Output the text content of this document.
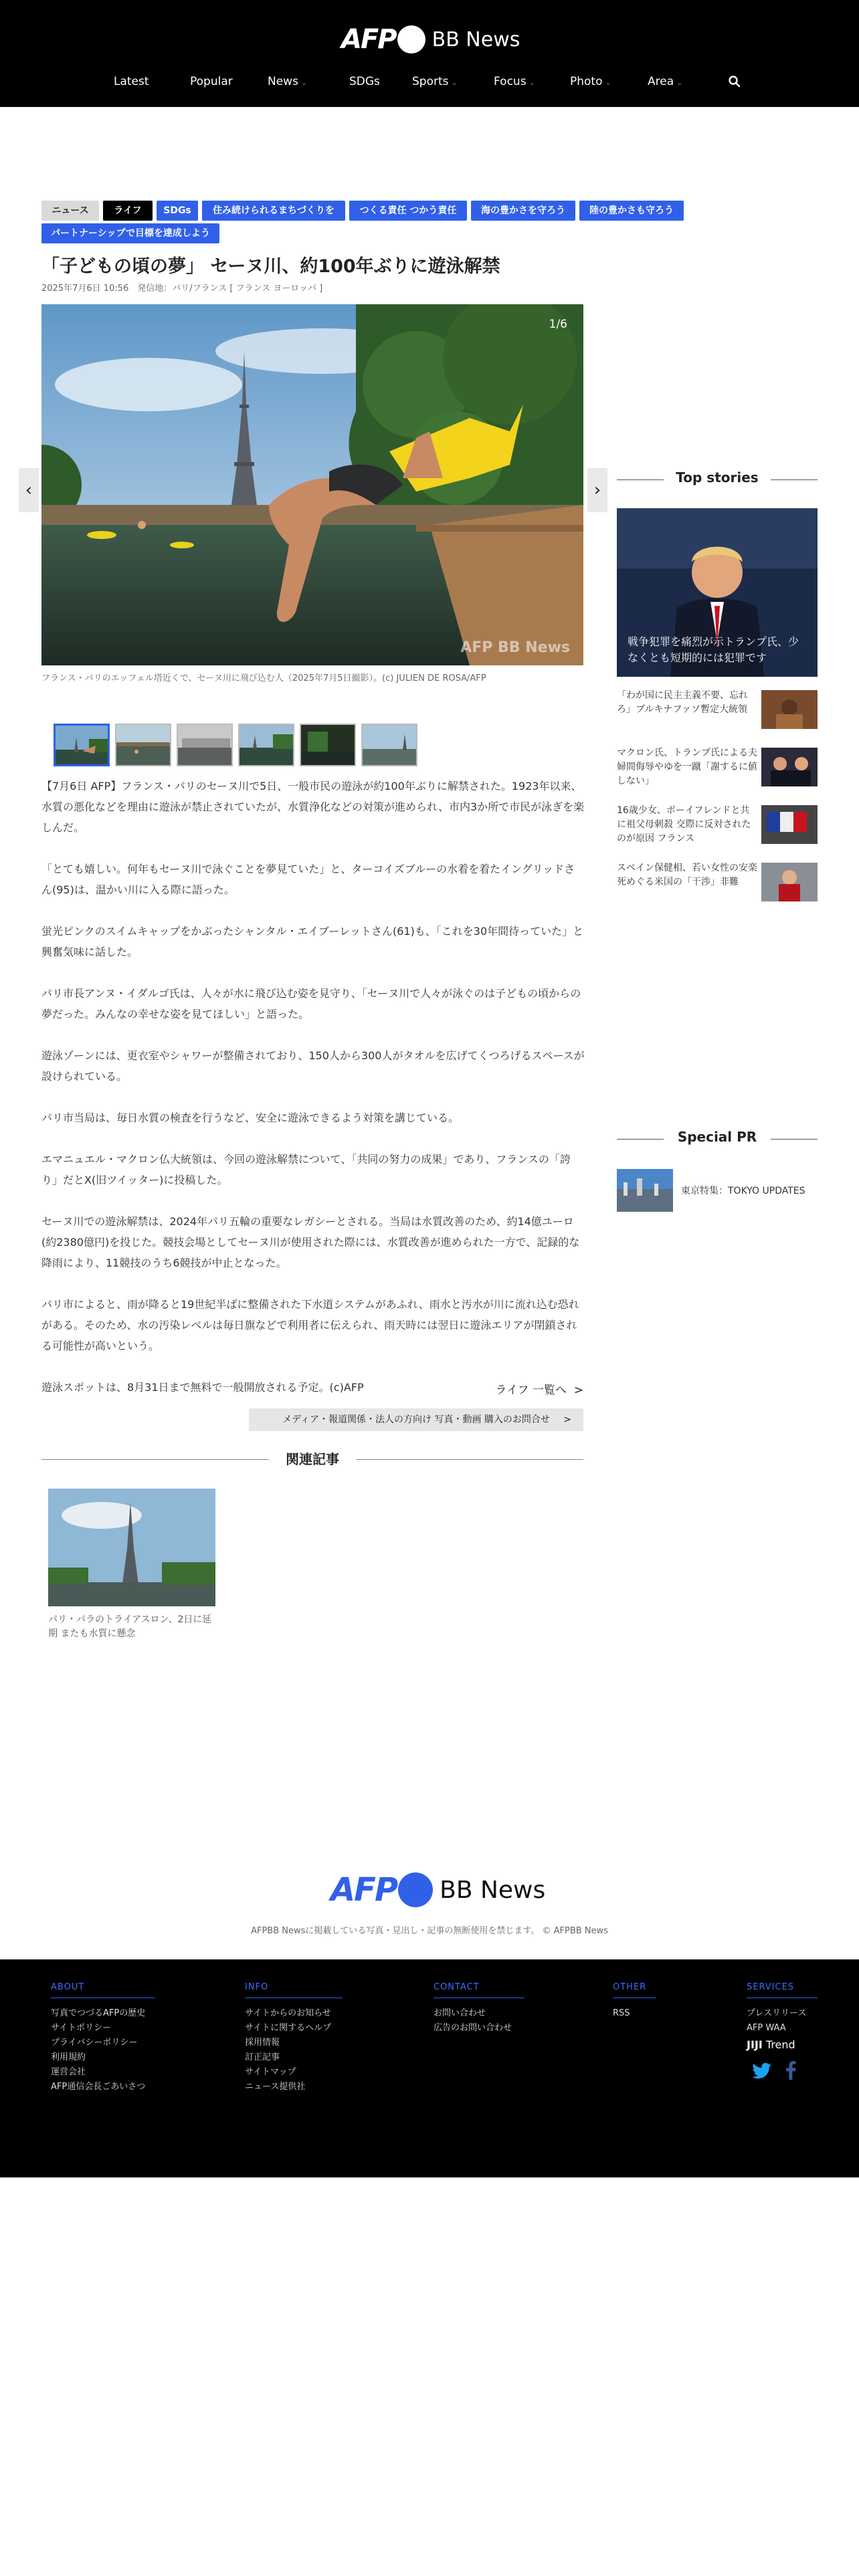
AFP BB News
Latest	Popular	News ⌄	SDGs	Sports ⌄	Focus ⌄	Photo ⌄	Area ⌄
ニュース	ライフ	SDGs	住み続けられるまちづくりを	つくる責任 つかう責任	海の豊かさを守ろう	陸の豊かさも守ろう
パートナーシップで目標を達成しよう
「子どもの頃の夢」 セーヌ川、約100年ぶりに遊泳解禁
2025年7月6日 10:56　発信地：パリ/フランス [ フランス ヨーロッパ ]
1/6
AFP BB News
‹	›
フランス・パリのエッフェル塔近くで、セーヌ川に飛び込む人（2025年7月5日撮影）。(c) JULIEN DE ROSA/AFP

【7月6日 AFP】フランス・パリのセーヌ川で5日、一般市民の遊泳が約100年ぶりに解禁された。1923年以来、水質の悪化などを理由に遊泳が禁止されていたが、水質浄化などの対策が進められ、市内3か所で市民が泳ぎを楽しんだ。

「とても嬉しい。何年もセーヌ川で泳ぐことを夢見ていた」と、ターコイズブルーの水着を着たイングリッドさん(95)は、温かい川に入る際に語った。

蛍光ピンクのスイムキャップをかぶったシャンタル・エイブーレットさん(61)も、「これを30年間待っていた」と興奮気味に話した。

パリ市長アンヌ・イダルゴ氏は、人々が水に飛び込む姿を見守り、「セーヌ川で人々が泳ぐのは子どもの頃からの夢だった。みんなの幸せな姿を見てほしい」と語った。

遊泳ゾーンには、更衣室やシャワーが整備されており、150人から300人がタオルを広げてくつろげるスペースが設けられている。

パリ市当局は、毎日水質の検査を行うなど、安全に遊泳できるよう対策を講じている。

エマニュエル・マクロン仏大統領は、今回の遊泳解禁について、「共同の努力の成果」であり、フランスの「誇り」だとX(旧ツイッター)に投稿した。

セーヌ川での遊泳解禁は、2024年パリ五輪の重要なレガシーとされる。当局は水質改善のため、約14億ユーロ(約2380億円)を投じた。競技会場としてセーヌ川が使用された際には、水質改善が進められた一方で、記録的な降雨により、11競技のうち6競技が中止となった。

パリ市によると、雨が降ると19世紀半ばに整備された下水道システムがあふれ、雨水と汚水が川に流れ込む恐れがある。そのため、水の汚染レベルは毎日旗などで利用者に伝えられ、雨天時には翌日に遊泳エリアが閉鎖される可能性が高いという。

遊泳スポットは、8月31日まで無料で一般開放される予定。(c)AFP	ライフ 一覧へ  >
メディア・報道関係・法人の方向け 写真・動画 購入のお問合せ >
関連記事
パリ・パラのトライアスロン、2日に延期 またも水質に懸念
Top stories
戦争犯罪を痛烈が示トランプ氏、少なくとも短期的には犯罪です
「わが国に民主主義不要、忘れろ」ブルキナファソ暫定大統領
マクロン氏、トランプ氏による夫婦間侮辱やゆを一蹴「謝するに値しない」
16歳少女、ボーイフレンドと共に祖父母刺殺 交際に反対されたのが原因 フランス
スペイン保健相、若い女性の安楽死めぐる米国の「干渉」非難
Special PR
東京特集：TOKYO UPDATES
AFP BB News
AFPBB Newsに掲載している写真・見出し・記事の無断使用を禁じます。 © AFPBB News
ABOUT
写真でつづるAFPの歴史
サイトポリシー
プライバシーポリシー
利用規約
運営会社
AFP通信会長ごあいさつ
INFO
サイトからのお知らせ
サイトに関するヘルプ
採用情報
訂正記事
サイトマップ
ニュース提供社
CONTACT
お問い合わせ
広告のお問い合わせ
OTHER
RSS
SERVICES
プレスリリース
AFP WAA
JIJI Trend
